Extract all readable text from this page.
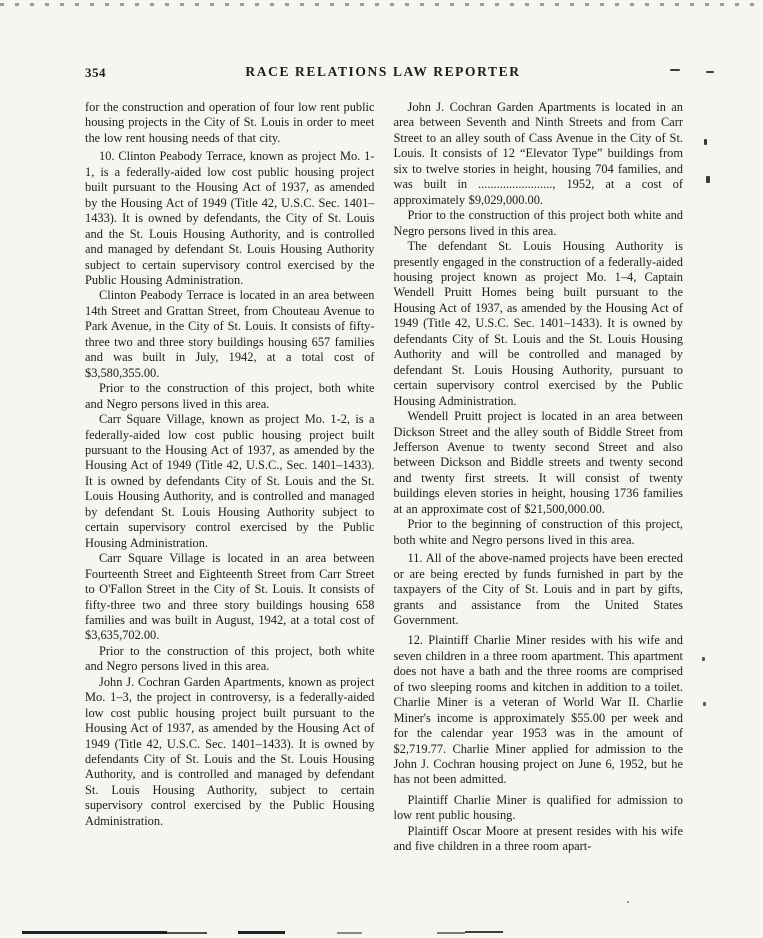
354	RACE RELATIONS LAW REPORTER

for the construction and operation of four low rent public housing projects in the City of St. Louis in order to meet the low rent housing needs of that city.

10. Clinton Peabody Terrace, known as project Mo. 1-1, is a federally-aided low cost public housing project built pursuant to the Housing Act of 1937, as amended by the Housing Act of 1949 (Title 42, U.S.C. Sec. 1401–1433). It is owned by defendants, the City of St. Louis and the St. Louis Housing Authority, and is controlled and managed by defendant St. Louis Housing Authority subject to certain supervisory control exercised by the Public Housing Administration.

Clinton Peabody Terrace is located in an area between 14th Street and Grattan Street, from Chouteau Avenue to Park Avenue, in the City of St. Louis. It consists of fifty-three two and three story buildings housing 657 families and was built in July, 1942, at a total cost of $3,580,355.00.

Prior to the construction of this project, both white and Negro persons lived in this area.

Carr Square Village, known as project Mo. 1-2, is a federally-aided low cost public housing project built pursuant to the Housing Act of 1937, as amended by the Housing Act of 1949 (Title 42, U.S.C., Sec. 1401–1433). It is owned by defendants City of St. Louis and the St. Louis Housing Authority, and is controlled and managed by defendant St. Louis Housing Authority subject to certain supervisory control exercised by the Public Housing Administration.

Carr Square Village is located in an area between Fourteenth Street and Eighteenth Street from Carr Street to O'Fallon Street in the City of St. Louis. It consists of fifty-three two and three story buildings housing 658 families and was built in August, 1942, at a total cost of $3,635,702.00.

Prior to the construction of this project, both white and Negro persons lived in this area.

John J. Cochran Garden Apartments, known as project Mo. 1–3, the project in controversy, is a federally-aided low cost public housing project built pursuant to the Housing Act of 1937, as amended by the Housing Act of 1949 (Title 42, U.S.C. Sec. 1401–1433). It is owned by defendants City of St. Louis and the St. Louis Housing Authority, and is controlled and managed by defendant St. Louis Housing Authority, subject to certain supervisory control exercised by the Public Housing Administration.

John J. Cochran Garden Apartments is located in an area between Seventh and Ninth Streets and from Carr Street to an alley south of Cass Avenue in the City of St. Louis. It consists of 12 “Elevator Type” buildings from six to twelve stories in height, housing 704 families, and was built in ........................, 1952, at a cost of approximately $9,029,000.00.

Prior to the construction of this project both white and Negro persons lived in this area.

The defendant St. Louis Housing Authority is presently engaged in the construction of a federally-aided housing project known as project Mo. 1–4, Captain Wendell Pruitt Homes being built pursuant to the Housing Act of 1937, as amended by the Housing Act of 1949 (Title 42, U.S.C. Sec. 1401–1433). It is owned by defendants City of St. Louis and the St. Louis Housing Authority and will be controlled and managed by defendant St. Louis Housing Authority, pursuant to certain supervisory control exercised by the Public Housing Administration.

Wendell Pruitt project is located in an area between Dickson Street and the alley south of Biddle Street from Jefferson Avenue to twenty second Street and also between Dickson and Biddle streets and twenty second and twenty first streets. It will consist of twenty buildings eleven stories in height, housing 1736 families at an approximate cost of $21,500,000.00.

Prior to the beginning of construction of this project, both white and Negro persons lived in this area.

11. All of the above-named projects have been erected or are being erected by funds furnished in part by the taxpayers of the City of St. Louis and in part by gifts, grants and assistance from the United States Government.

12. Plaintiff Charlie Miner resides with his wife and seven children in a three room apartment. This apartment does not have a bath and the three rooms are comprised of two sleeping rooms and kitchen in addition to a toilet. Charlie Miner is a veteran of World War II. Charlie Miner's income is approximately $55.00 per week and for the calendar year 1953 was in the amount of $2,719.77. Charlie Miner applied for admission to the John J. Cochran housing project on June 6, 1952, but he has not been admitted.

Plaintiff Charlie Miner is qualified for admission to low rent public housing.

Plaintiff Oscar Moore at present resides with his wife and five children in a three room apart-
